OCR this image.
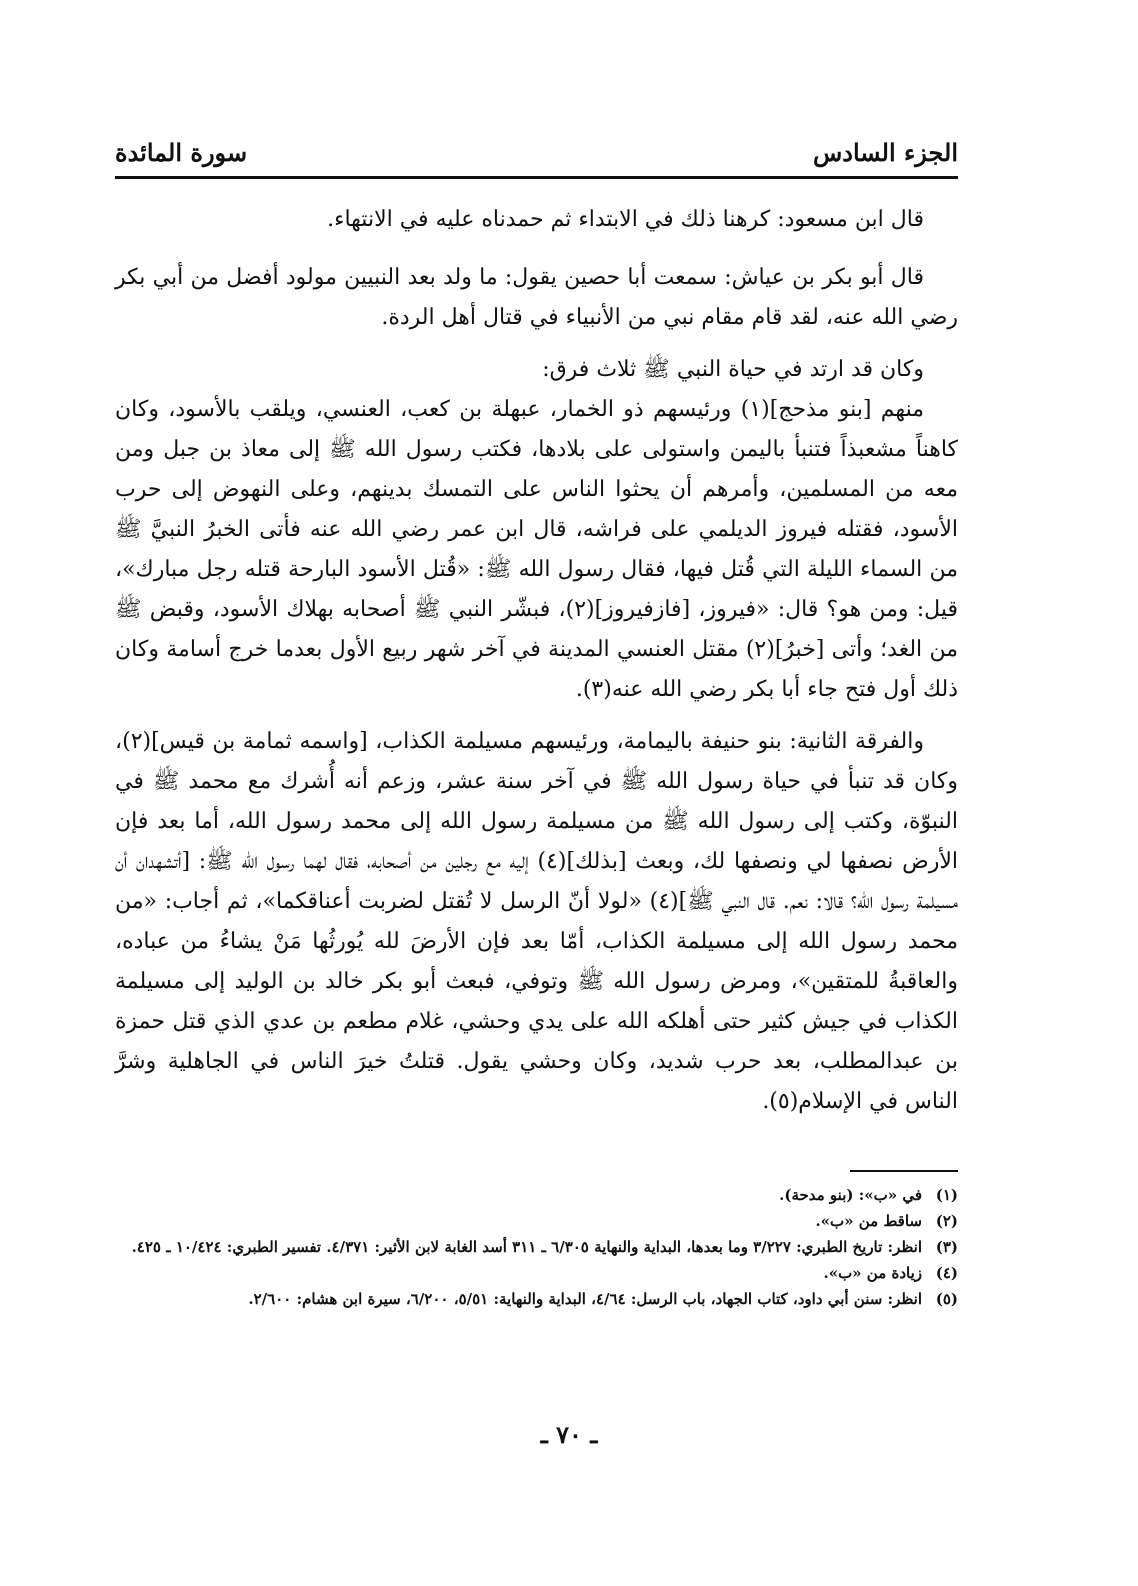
الجزء السادس
سورة المائدة

قال ابن مسعود: كرهنا ذلك في الابتداء ثم حمدناه عليه في الانتهاء.

قال أبو بكر بن عياش: سمعت أبا حصين يقول: ما ولد بعد النبيين مولود أفضل من أبي بكر رضي الله عنه، لقد قام مقام نبي من الأنبياء في قتال أهل الردة.

وكان قد ارتد في حياة النبي ﷺ ثلاث فرق:

منهم [بنو مذحج](١) ورئيسهم ذو الخمار، عبهلة بن كعب، العنسي، ويلقب بالأسود، وكان كاهناً مشعبذاً فتنبأ باليمن واستولى على بلادها، فكتب رسول الله ﷺ إلى معاذ بن جبل ومن معه من المسلمين، وأمرهم أن يحثوا الناس على التمسك بدينهم، وعلى النهوض إلى حرب الأسود، فقتله فيروز الديلمي على فراشه، قال ابن عمر رضي الله عنه فأتى الخبرُ النبيَّ ﷺ من السماء الليلة التي قُتل فيها، فقال رسول الله ﷺ: «قُتل الأسود البارحة قتله رجل مبارك»، قيل: ومن هو؟ قال: «فيروز، [فازفيروز](٢)، فبشّر النبي ﷺ أصحابه بهلاك الأسود، وقبض ﷺ من الغد؛ وأتى [خبرُ](٢) مقتل العنسي المدينة في آخر شهر ربيع الأول بعدما خرج أسامة وكان ذلك أول فتح جاء أبا بكر رضي الله عنه(٣).

والفرقة الثانية: بنو حنيفة باليمامة، ورئيسهم مسيلمة الكذاب، [واسمه ثمامة بن قيس](٢)، وكان قد تنبأ في حياة رسول الله ﷺ في آخر سنة عشر، وزعم أنه أُشرك مع محمد ﷺ في النبوّة، وكتب إلى رسول الله ﷺ من مسيلمة رسول الله إلى محمد رسول الله، أما بعد فإن الأرض نصفها لي ونصفها لك، وبعث [بذلك](٤) إليه مع رجلين من أصحابه، فقال لهما رسول الله ﷺ: [أتشهدان أن مسيلمة رسول الله؟ قالا: نعم. قال النبي ﷺ](٤) «لولا أنّ الرسل لا تُقتل لضربت أعناقكما»، ثم أجاب: «من محمد رسول الله إلى مسيلمة الكذاب، أمّا بعد فإن الأرضَ لله يُورثُها مَنْ يشاءُ من عباده، والعاقبةُ للمتقين»، ومرض رسول الله ﷺ وتوفي، فبعث أبو بكر خالد بن الوليد إلى مسيلمة الكذاب في جيش كثير حتى أهلكه الله على يدي وحشي، غلام مطعم بن عدي الذي قتل حمزة بن عبدالمطلب، بعد حرب شديد، وكان وحشي يقول. قتلتُ خيرَ الناس في الجاهلية وشرَّ الناس في الإسلام(٥).

(١)
في «ب»: (بنو مدحة).
(٢)
ساقط من «ب».
(٣)
انظر: تاريخ الطبري: ٣/٢٢٧ وما بعدها، البداية والنهاية ٦/٣٠٥ ـ ٣١١ أسد الغابة لابن الأثير: ٤/٣٧١. تفسير الطبري: ١٠/٤٢٤ ـ ٤٢٥.
(٤)
زيادة من «ب».
(٥)
انظر: سنن أبي داود، كتاب الجهاد، باب الرسل: ٤/٦٤، البداية والنهاية: ٥/٥١، ٦/٢٠٠، سيرة ابن هشام: ٢/٦٠٠.
ـ ٧٠ ـ
